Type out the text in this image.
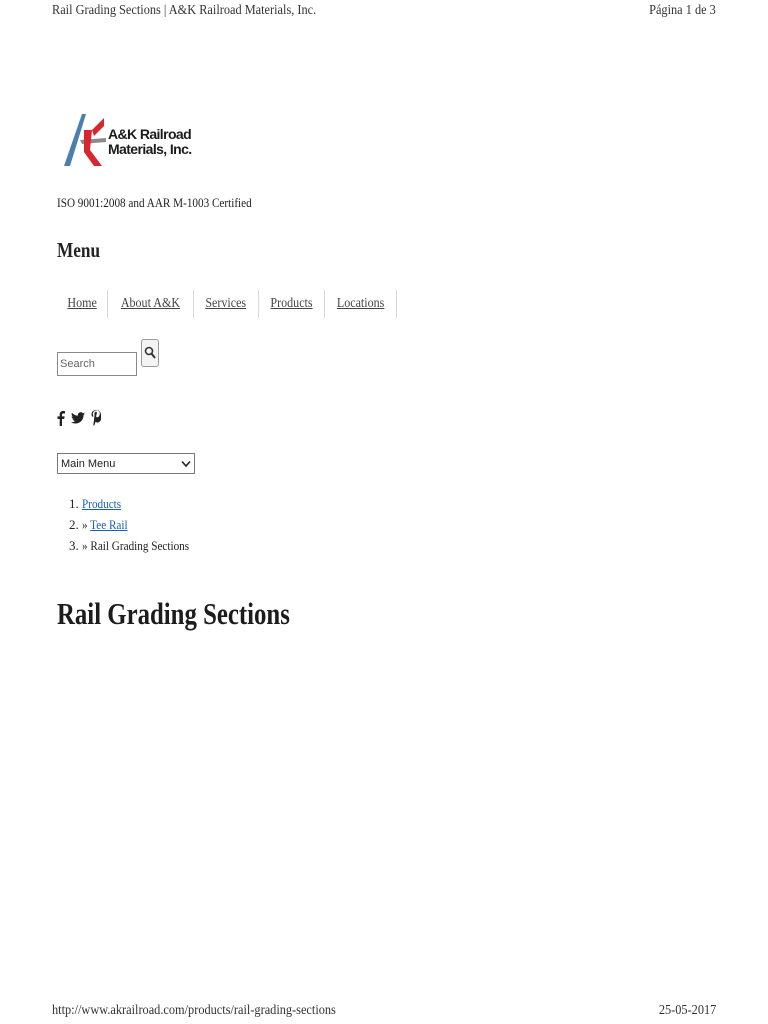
Rail Grading Sections | A&K Railroad Materials, Inc.	Página 1 de 3
A&K Railroad
Materials, Inc.
ISO 9001:2008 and AAR M-1003 Certified
Menu
Home About A&K Services Products Locations
Search
Main Menu
1. Products
2. » Tee Rail
3. » Rail Grading Sections
Rail Grading Sections
http://www.akrailroad.com/products/rail-grading-sections	25-05-2017
